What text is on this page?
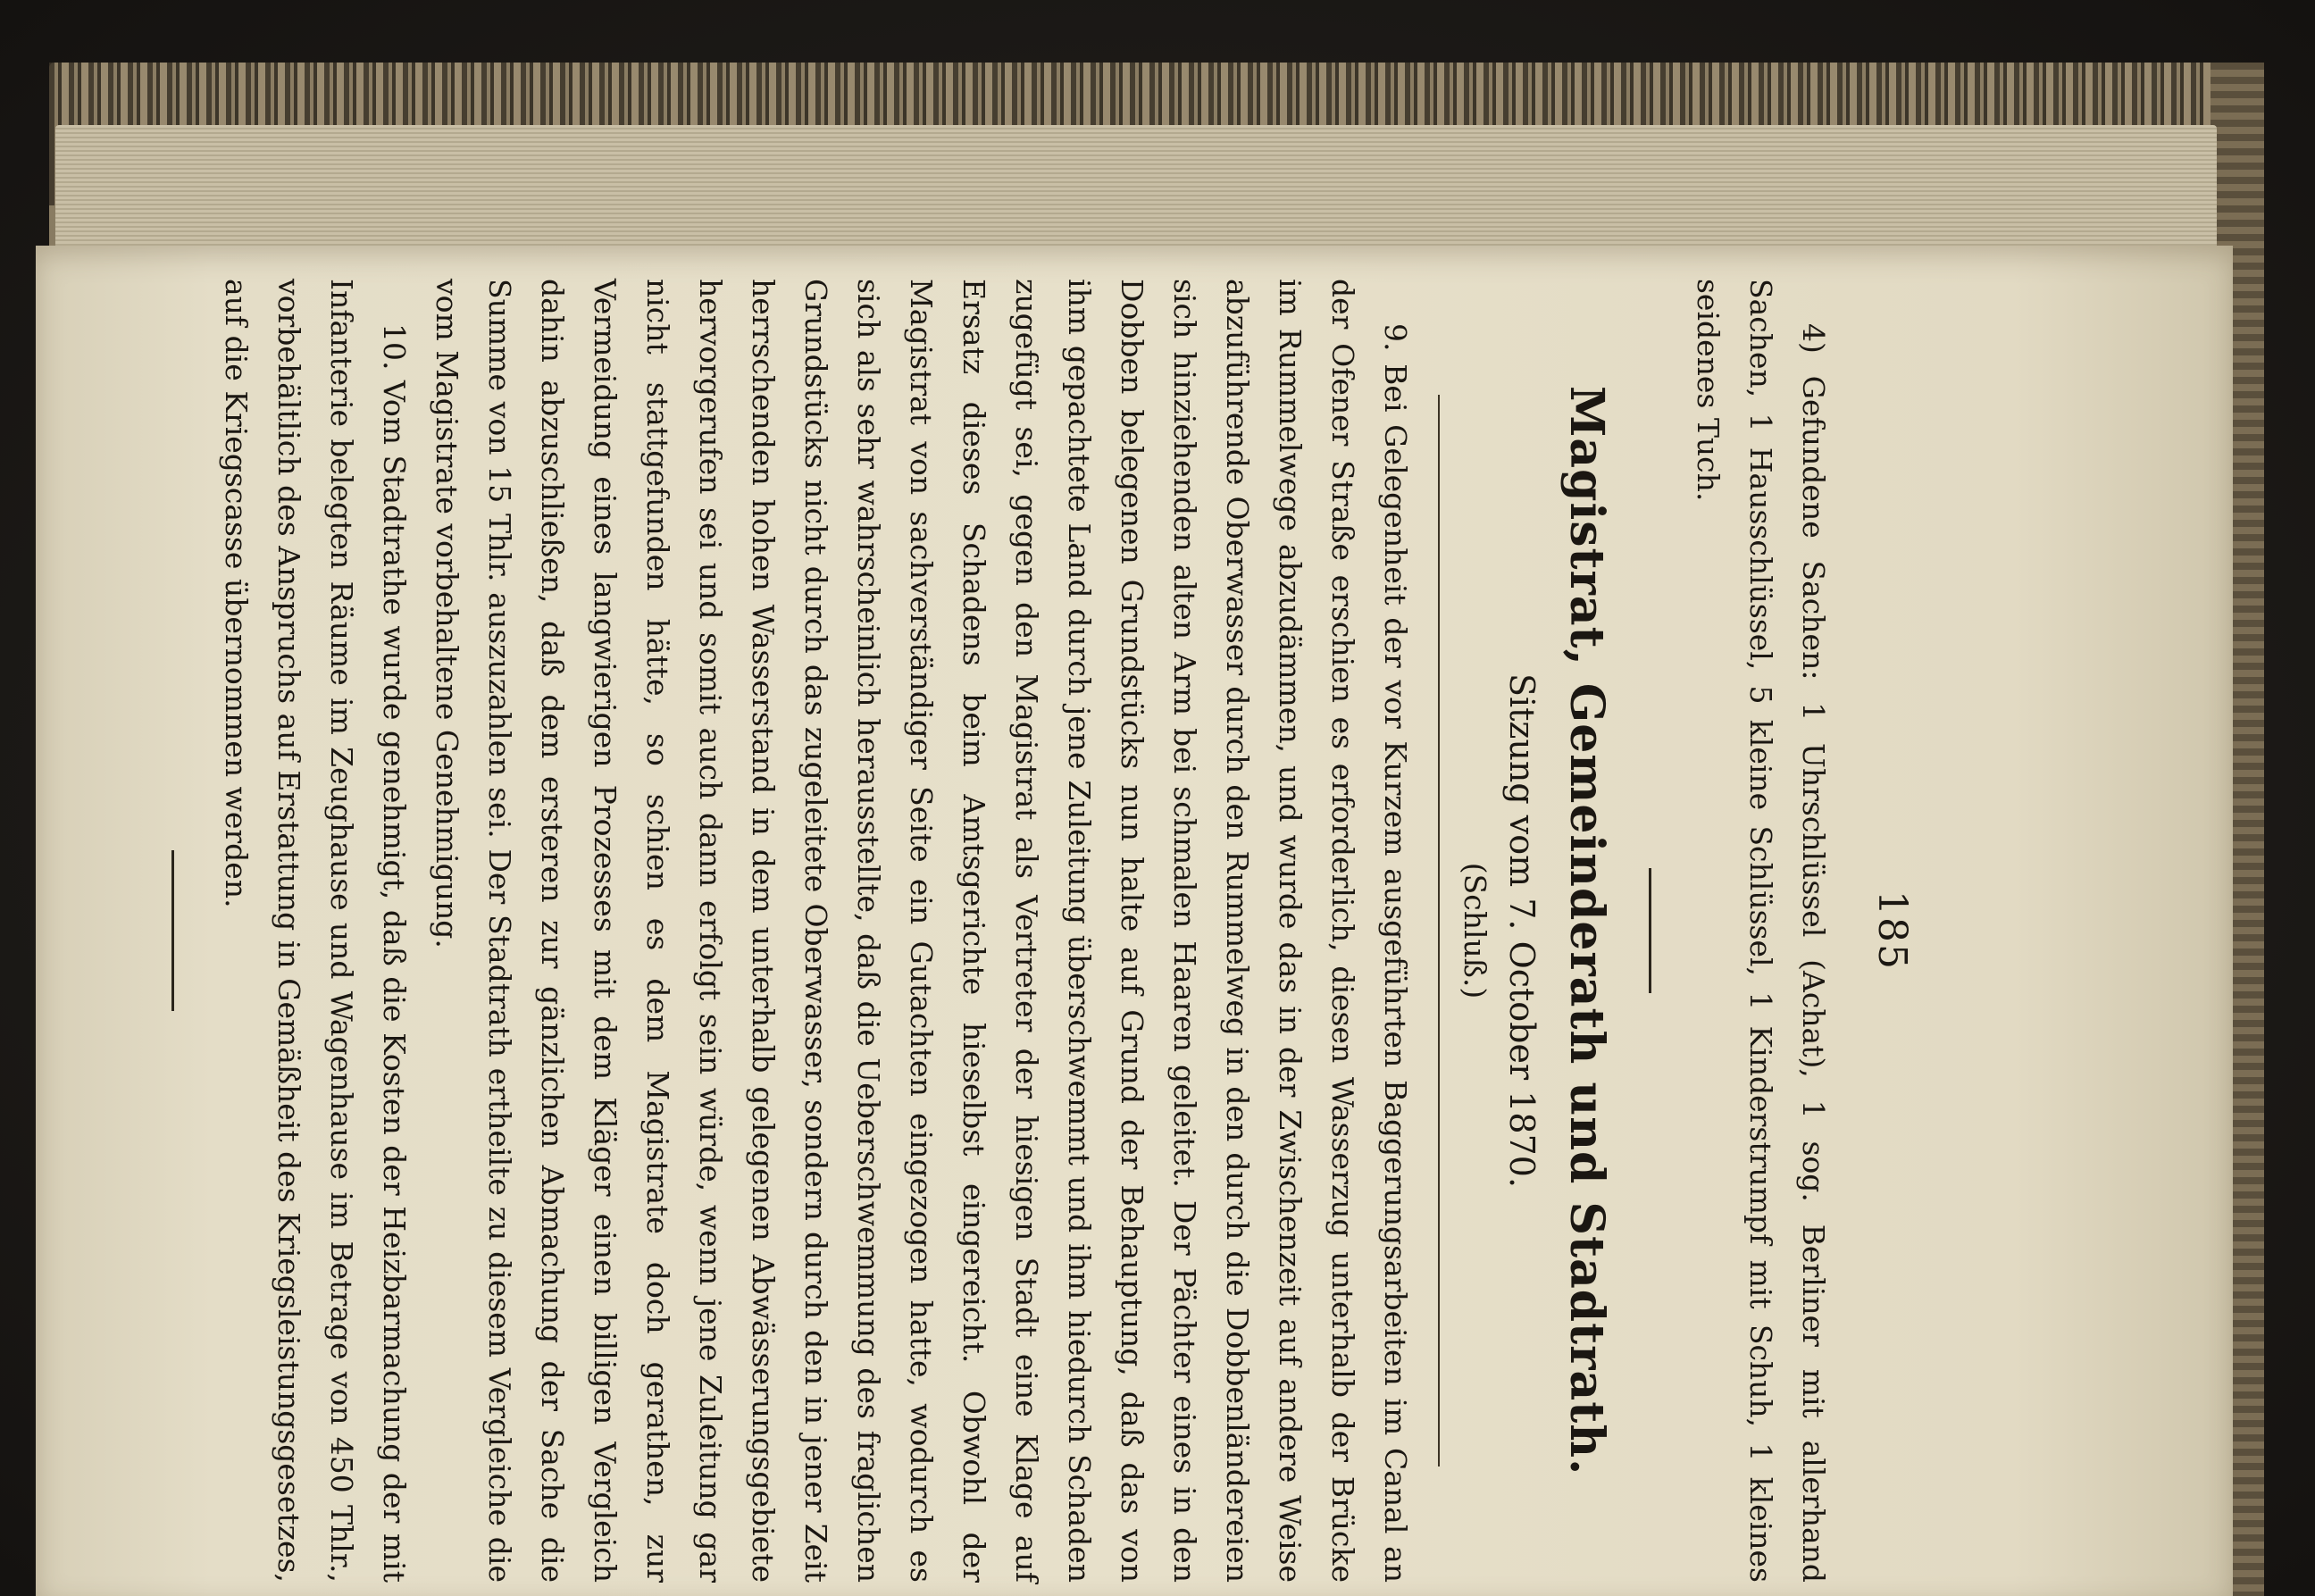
185

4) Gefundene Sachen: 1 Uhrschlüssel (Achat), 1 sog. Berliner mit allerhand Sachen, 1 Hausschlüssel, 5 kleine Schlüssel, 1 Kinderstrumpf mit Schuh, 1 kleines seidenes Tuch.

Magistrat, Gemeinderath und Stadtrath.
Sitzung vom 7. October 1870.
(Schluß.)

9. Bei Gelegenheit der vor Kurzem ausgeführten Baggerungsarbeiten im Canal an der Ofener Straße erschien es erforderlich, diesen Wasserzug unterhalb der Brücke im Rummelwege abzudämmen, und wurde das in der Zwischenzeit auf andere Weise abzuführende Oberwasser durch den Rummelweg in den durch die Dobbenländereien sich hinziehenden alten Arm bei schmalen Haaren geleitet. Der Pächter eines in den Dobben belegenen Grundstücks nun halte auf Grund der Behauptung, daß das von ihm gepachtete Land durch jene Zuleitung überschwemmt und ihm hiedurch Schaden zugefügt sei, gegen den Magistrat als Vertreter der hiesigen Stadt eine Klage auf Ersatz dieses Schadens beim Amtsgerichte hieselbst eingereicht. Obwohl der Magistrat von sachverständiger Seite ein Gutachten eingezogen hatte, wodurch es sich als sehr wahrscheinlich herausstellte, daß die Ueberschwemmung des fraglichen Grundstücks nicht durch das zugeleitete Oberwasser, sondern durch den in jener Zeit herrschenden hohen Wasserstand in dem unterhalb gelegenen Abwässerungsgebiete hervorgerufen sei und somit auch dann erfolgt sein würde, wenn jene Zuleitung gar nicht stattgefunden hätte, so schien es dem Magistrate doch gerathen, zur Vermeidung eines langwierigen Prozesses mit dem Kläger einen billigen Vergleich dahin abzuschließen, daß dem ersteren zur gänzlichen Abmachung der Sache die Summe von 15 Thlr. auszuzahlen sei. Der Stadtrath ertheilte zu diesem Vergleiche die vom Magistrate vorbehaltene Genehmigung.

10. Vom Stadtrathe wurde genehmigt, daß die Kosten der Heizbarmachung der mit Infanterie belegten Räume im Zeughause und Wagenhause im Betrage von 450 Thlr., vorbehältlich des Anspruchs auf Erstattung in Gemäßheit des Kriegsleistungsgesetzes, auf die Kriegscasse übernommen werden.
